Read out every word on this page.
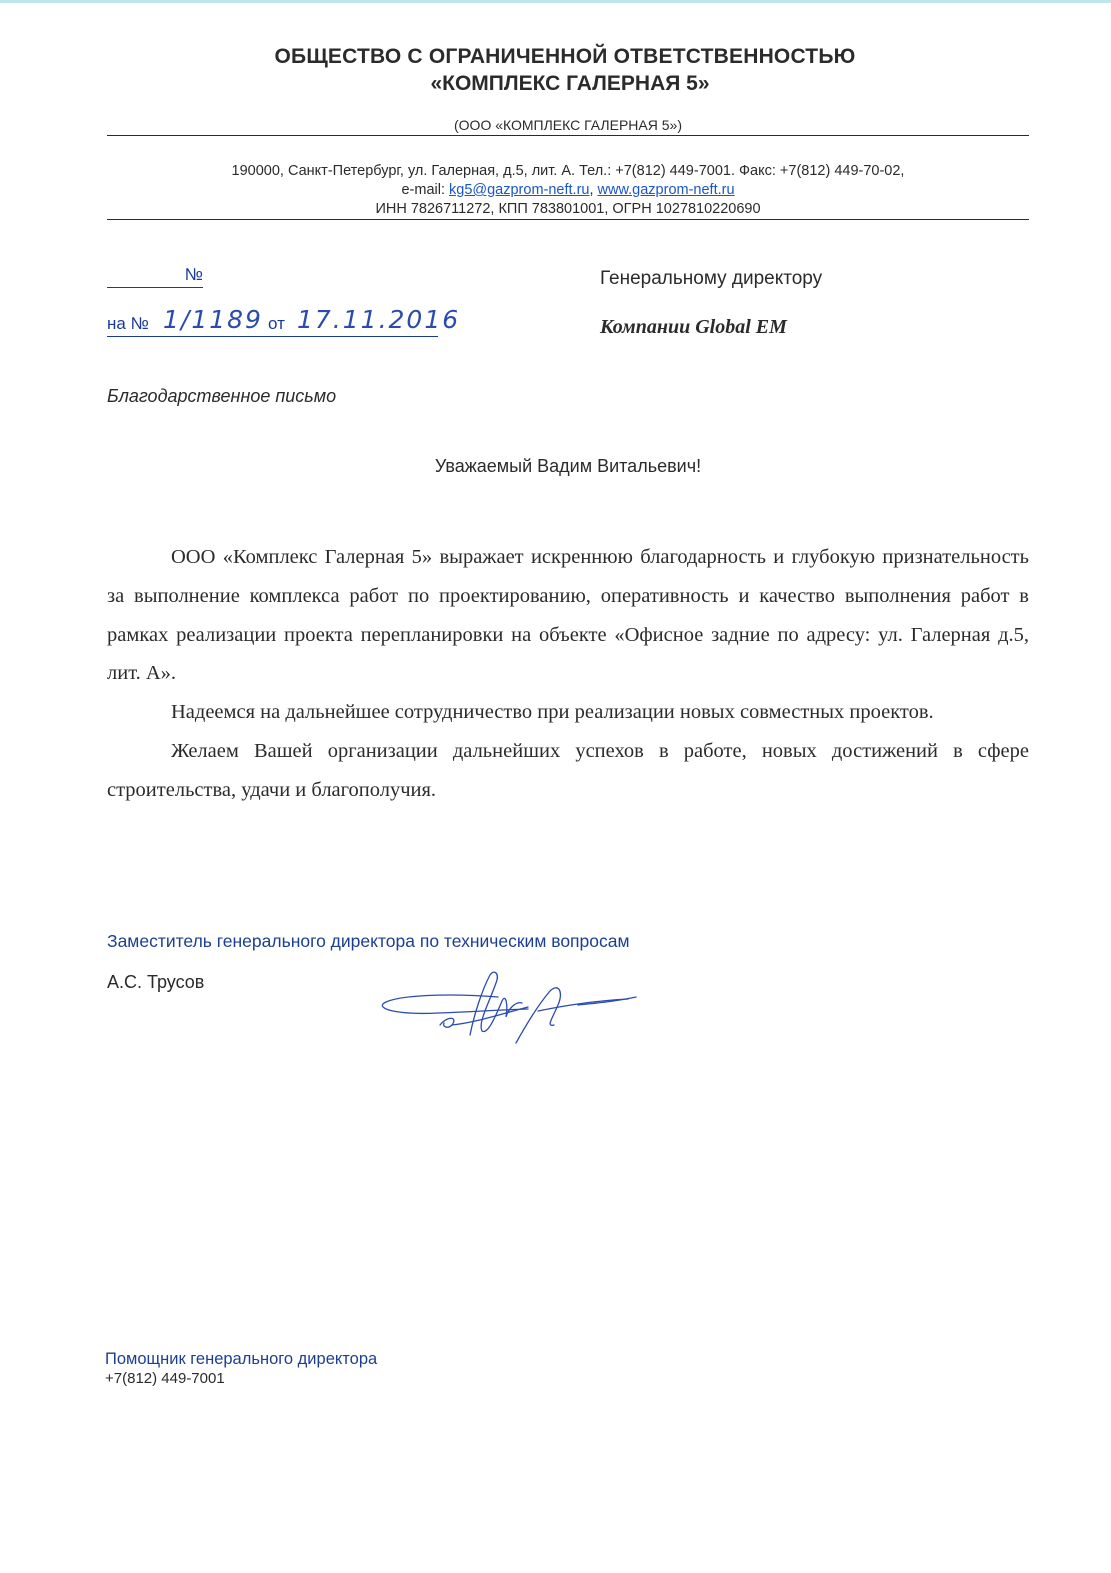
ОБЩЕСТВО С ОГРАНИЧЕННОЙ ОТВЕТСТВЕННОСТЬЮ
«КОМПЛЕКС ГАЛЕРНАЯ 5»
(ООО «КОМПЛЕКС ГАЛЕРНАЯ 5»)
190000, Санкт-Петербург, ул. Галерная, д.5, лит. А. Тел.: +7(812) 449-7001. Факс: +7(812) 449-70-02,
e-mail: kg5@gazprom-neft.ru, www.gazprom-neft.ru
ИНН 7826711272, КПП 783801001, ОГРН 1027810220690
№
на № 1/1189 от 17.11.2016
Генеральному директору
Компании Global EM
Благодарственное письмо
Уважаемый Вадим Витальевич!

ООО «Комплекс Галерная 5» выражает искреннюю благодарность и глубокую признательность за выполнение комплекса работ по проектированию, оперативность и качество выполнения работ в рамках реализации проекта перепланировки на объекте «Офисное задние по адресу: ул. Галерная д.5, лит. А».

Надеемся на дальнейшее сотрудничество при реализации новых совместных проектов.

Желаем Вашей организации дальнейших успехов в работе, новых достижений в сфере строительства, удачи и благополучия.

Заместитель генерального директора по техническим вопросам
А.С. Трусов
Помощник генерального директора
+7(812) 449-7001
